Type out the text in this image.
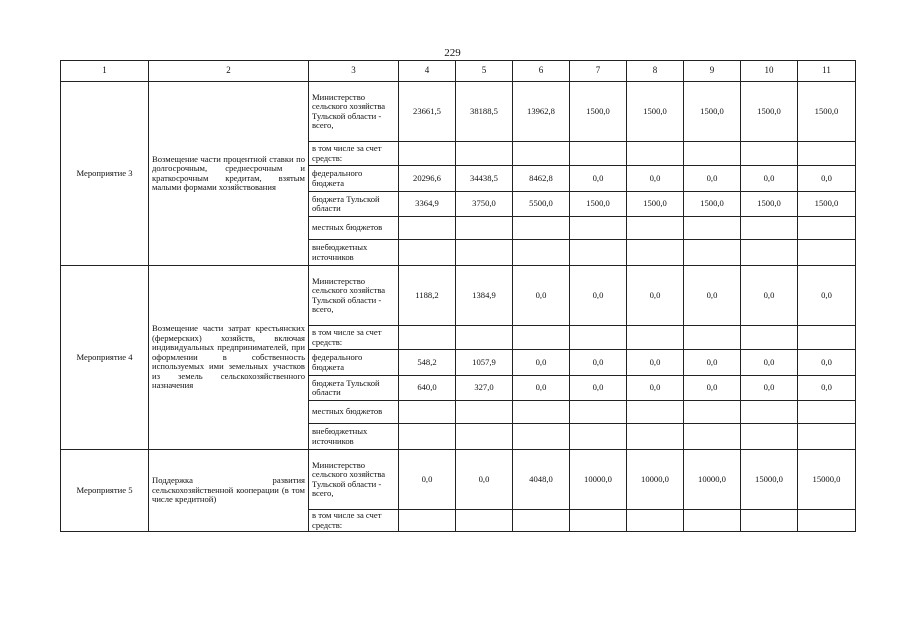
229
1	2	3	4	5	6	7	8	9	10	11
Мероприятие 3	Возмещение части процентной ставки по долгосрочным, среднесрочным и краткосрочным кредитам, взятым малыми формами хозяйствования	Министерство сельского хозяйства Тульской области - всего,	23661,5	38188,5	13962,8	1500,0	1500,0	1500,0	1500,0	1500,0
		в том числе за счет средств:								
		федерального бюджета	20296,6	34438,5	8462,8	0,0	0,0	0,0	0,0	0,0
		бюджета Тульской области	3364,9	3750,0	5500,0	1500,0	1500,0	1500,0	1500,0	1500,0
		местных бюджетов								
		внебюджетных источников								
Мероприятие 4	Возмещение части затрат крестьянских (фермерских) хозяйств, включая индивидуальных предпринимателей, при оформлении в собственность используемых ими земельных участков из земель сельскохозяйственного назначения	Министерство сельского хозяйства Тульской области - всего,	1188,2	1384,9	0,0	0,0	0,0	0,0	0,0	0,0
		в том числе за счет средств:								
		федерального бюджета	548,2	1057,9	0,0	0,0	0,0	0,0	0,0	0,0
		бюджета Тульской области	640,0	327,0	0,0	0,0	0,0	0,0	0,0	0,0
		местных бюджетов								
		внебюджетных источников								
Мероприятие 5	Поддержка развития сельскохозяйственной кооперации (в том числе кредитной)	Министерство сельского хозяйства Тульской области - всего,	0,0	0,0	4048,0	10000,0	10000,0	10000,0	15000,0	15000,0
		в том числе за счет средств:								
